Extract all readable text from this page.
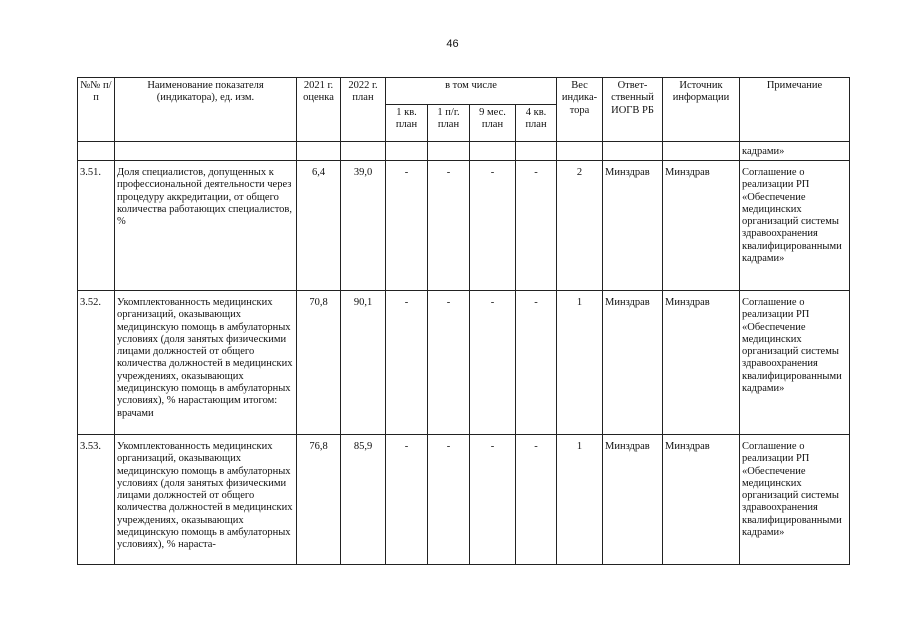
46
№№ п/п	Наименование показателя (индикатора), ед. изм.	2021 г. оценка	2022 г. план	в том числе				Вес индика-тора	Ответ-ственный ИОГВ РБ	Источник информации	Примечание
				1 кв. план	1 п/г. план	9 мес. план	4 кв. план				
											кадрами»
3.51.	Доля специалистов, допущенных к профессиональной деятельности через процедуру аккредитации, от общего количества работающих специалистов, %	6,4	39,0	-	-	-	-	2	Минздрав	Минздрав	Соглашение о реализации РП «Обеспечение медицинских организаций системы здравоохранения квалифицированными кадрами»
3.52.	Укомплектованность медицинских организаций, оказывающих медицинскую помощь в амбулаторных условиях (доля занятых физическими лицами должностей от общего количества должностей в медицинских учреждениях, оказывающих медицинскую помощь в амбулаторных условиях), % нарастающим итогом: врачами	70,8	90,1	-	-	-	-	1	Минздрав	Минздрав	Соглашение о реализации РП «Обеспечение медицинских организаций системы здравоохранения квалифицированными кадрами»
3.53.	Укомплектованность медицинских организаций, оказывающих медицинскую помощь в амбулаторных условиях (доля занятых физическими лицами должностей от общего количества должностей в медицинских учреждениях, оказывающих медицинскую помощь в амбулаторных условиях), % нараста-	76,8	85,9	-	-	-	-	1	Минздрав	Минздрав	Соглашение о реализации РП «Обеспечение медицинских организаций системы здравоохранения квалифицированными кадрами»
